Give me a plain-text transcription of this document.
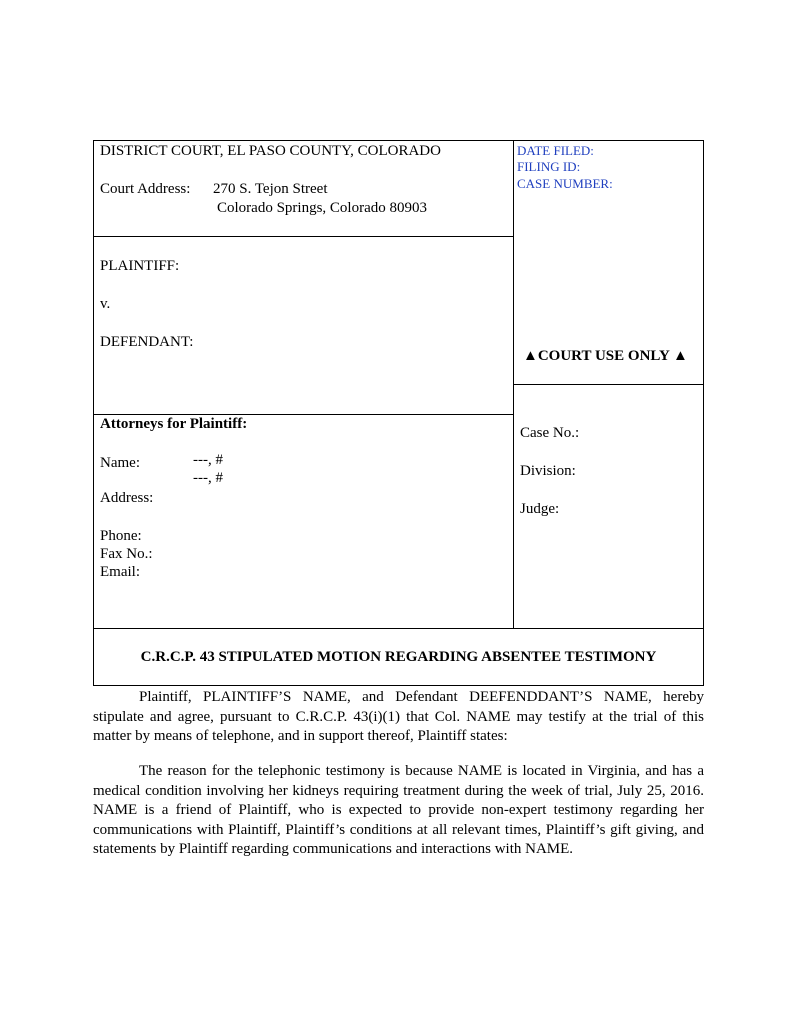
DISTRICT COURT, EL PASO COUNTY, COLORADO
Court Address: 270 S. Tejon Street
Colorado Springs, Colorado 80903
DATE FILED:
FILING ID:
CASE NUMBER:
PLAINTIFF:
v.
DEFENDANT:
▲COURT USE ONLY ▲
Attorneys for Plaintiff:
Name:	---, #
---, #
Address:
Phone:
Fax No.:
Email:
Case No.:
Division:
Judge:
C.R.C.P. 43 STIPULATED MOTION REGARDING ABSENTEE TESTIMONY

Plaintiff, PLAINTIFF’S NAME, and Defendant DEEFENDDANT’S NAME, hereby stipulate and agree, pursuant to C.R.C.P. 43(i)(1) that Col. NAME may testify at the trial of this matter by means of telephone, and in support thereof, Plaintiff states:

The reason for the telephonic testimony is because NAME is located in Virginia, and has a medical condition involving her kidneys requiring treatment during the week of trial, July 25, 2016. NAME is a friend of Plaintiff, who is expected to provide non-expert testimony regarding her communications with Plaintiff, Plaintiff’s conditions at all relevant times, Plaintiff’s gift giving, and statements by Plaintiff regarding communications and interactions with NAME.
